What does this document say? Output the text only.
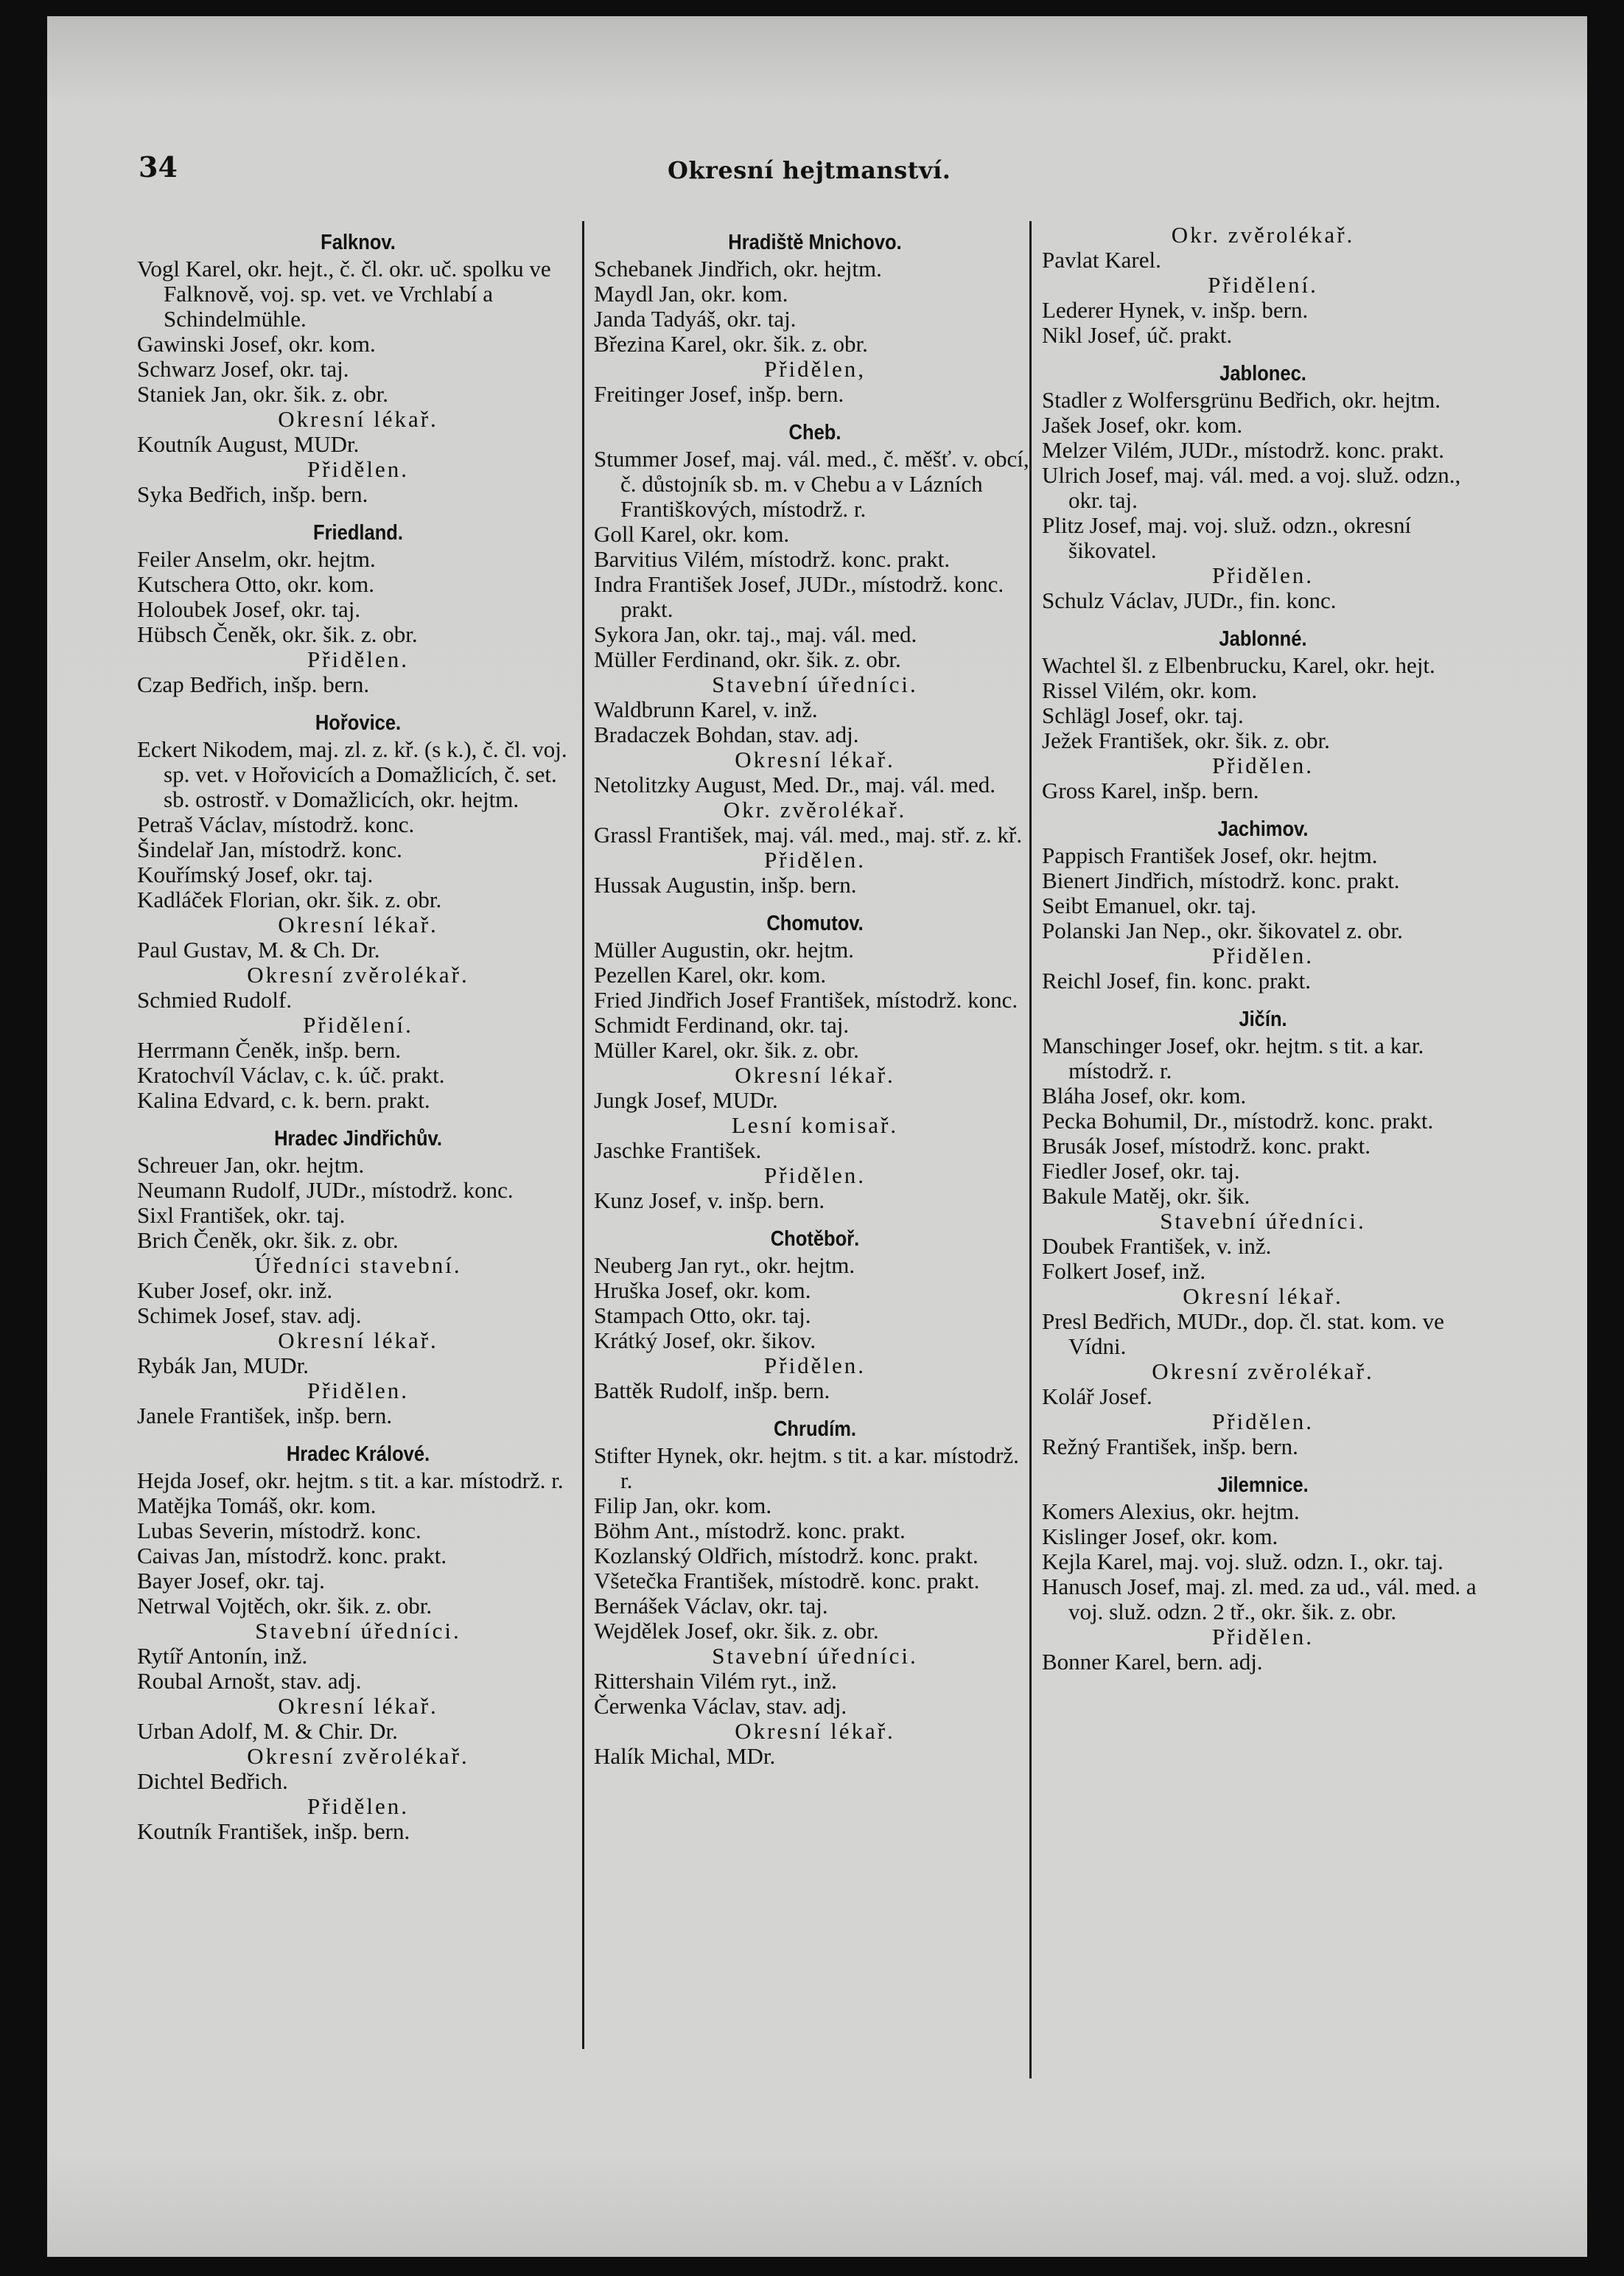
34	Okresní hejtmanství.
Falknov.
Vogl Karel, okr. hejt., č. čl. okr. uč. spolku ve Falknově, voj. sp. vet. ve Vrchlabí a Schindelmühle.
Gawinski Josef, okr. kom.
Schwarz Josef, okr. taj.
Staniek Jan, okr. šik. z. obr.
Okresní lékař.
Koutník August, MUDr.
Přidělen.
Syka Bedřich, inšp. bern.
Friedland.
Feiler Anselm, okr. hejtm.
Kutschera Otto, okr. kom.
Holoubek Josef, okr. taj.
Hübsch Čeněk, okr. šik. z. obr.
Přidělen.
Czap Bedřich, inšp. bern.
Hořovice.
Eckert Nikodem, maj. zl. z. kř. (s k.), č. čl. voj. sp. vet. v Hořovicích a Domažlicích, č. set. sb. ostrostř. v Domažlicích, okr. hejtm.
Petraš Václav, místodrž. konc.
Šindelař Jan, místodrž. konc.
Kouřímský Josef, okr. taj.
Kadláček Florian, okr. šik. z. obr.
Okresní lékař.
Paul Gustav, M. & Ch. Dr.
Okresní zvěrolékař.
Schmied Rudolf.
Přidělení.
Herrmann Čeněk, inšp. bern.
Kratochvíl Václav, c. k. úč. prakt.
Kalina Edvard, c. k. bern. prakt.
Hradec Jindřichův.
Schreuer Jan, okr. hejtm.
Neumann Rudolf, JUDr., místodrž. konc.
Sixl František, okr. taj.
Brich Čeněk, okr. šik. z. obr.
Úředníci stavební.
Kuber Josef, okr. inž.
Schimek Josef, stav. adj.
Okresní lékař.
Rybák Jan, MUDr.
Přidělen.
Janele František, inšp. bern.
Hradec Králové.
Hejda Josef, okr. hejtm. s tit. a kar. místodrž. r.
Matějka Tomáš, okr. kom.
Lubas Severin, místodrž. konc.
Caivas Jan, místodrž. konc. prakt.
Bayer Josef, okr. taj.
Netrwal Vojtěch, okr. šik. z. obr.
Stavební úředníci.
Rytíř Antonín, inž.
Roubal Arnošt, stav. adj.
Okresní lékař.
Urban Adolf, M. & Chir. Dr.
Okresní zvěrolékař.
Dichtel Bedřich.
Přidělen.
Koutník František, inšp. bern.
Hradiště Mnichovo.
Schebanek Jindřich, okr. hejtm.
Maydl Jan, okr. kom.
Janda Tadyáš, okr. taj.
Březina Karel, okr. šik. z. obr.
Přidělen,
Freitinger Josef, inšp. bern.
Cheb.
Stummer Josef, maj. vál. med., č. měšť. v. obcí, č. důstojník sb. m. v Chebu a v Lázních Františkových, místodrž. r.
Goll Karel, okr. kom.
Barvitius Vilém, místodrž. konc. prakt.
Indra František Josef, JUDr., místodrž. konc. prakt.
Sykora Jan, okr. taj., maj. vál. med.
Müller Ferdinand, okr. šik. z. obr.
Stavební úředníci.
Waldbrunn Karel, v. inž.
Bradaczek Bohdan, stav. adj.
Okresní lékař.
Netolitzky August, Med. Dr., maj. vál. med.
Okr. zvěrolékař.
Grassl František, maj. vál. med., maj. stř. z. kř.
Přidělen.
Hussak Augustin, inšp. bern.
Chomutov.
Müller Augustin, okr. hejtm.
Pezellen Karel, okr. kom.
Fried Jindřich Josef František, místodrž. konc.
Schmidt Ferdinand, okr. taj.
Müller Karel, okr. šik. z. obr.
Okresní lékař.
Jungk Josef, MUDr.
Lesní komisař.
Jaschke František.
Přidělen.
Kunz Josef, v. inšp. bern.
Chotěboř.
Neuberg Jan ryt., okr. hejtm.
Hruška Josef, okr. kom.
Stampach Otto, okr. taj.
Krátký Josef, okr. šikov.
Přidělen.
Battěk Rudolf, inšp. bern.
Chrudím.
Stifter Hynek, okr. hejtm. s tit. a kar. místodrž. r.
Filip Jan, okr. kom.
Böhm Ant., místodrž. konc. prakt.
Kozlanský Oldřich, místodrž. konc. prakt.
Všetečka František, místodrě. konc. prakt.
Bernášek Václav, okr. taj.
Wejdělek Josef, okr. šik. z. obr.
Stavební úředníci.
Rittershain Vilém ryt., inž.
Čerwenka Václav, stav. adj.
Okresní lékař.
Halík Michal, MDr.
Okr. zvěrolékař.
Pavlat Karel.
Přidělení.
Lederer Hynek, v. inšp. bern.
Nikl Josef, úč. prakt.
Jablonec.
Stadler z Wolfersgrünu Bedřich, okr. hejtm.
Jašek Josef, okr. kom.
Melzer Vilém, JUDr., místodrž. konc. prakt.
Ulrich Josef, maj. vál. med. a voj. služ. odzn., okr. taj.
Plitz Josef, maj. voj. služ. odzn., okresní šikovatel.
Přidělen.
Schulz Václav, JUDr., fin. konc.
Jablonné.
Wachtel šl. z Elbenbrucku, Karel, okr. hejt.
Rissel Vilém, okr. kom.
Schlägl Josef, okr. taj.
Ježek František, okr. šik. z. obr.
Přidělen.
Gross Karel, inšp. bern.
Jachimov.
Pappisch František Josef, okr. hejtm.
Bienert Jindřich, místodrž. konc. prakt.
Seibt Emanuel, okr. taj.
Polanski Jan Nep., okr. šikovatel z. obr.
Přidělen.
Reichl Josef, fin. konc. prakt.
Jičín.
Manschinger Josef, okr. hejtm. s tit. a kar. místodrž. r.
Bláha Josef, okr. kom.
Pecka Bohumil, Dr., místodrž. konc. prakt.
Brusák Josef, místodrž. konc. prakt.
Fiedler Josef, okr. taj.
Bakule Matěj, okr. šik.
Stavební úředníci.
Doubek František, v. inž.
Folkert Josef, inž.
Okresní lékař.
Presl Bedřich, MUDr., dop. čl. stat. kom. ve Vídni.
Okresní zvěrolékař.
Kolář Josef.
Přidělen.
Režný František, inšp. bern.
Jilemnice.
Komers Alexius, okr. hejtm.
Kislinger Josef, okr. kom.
Kejla Karel, maj. voj. služ. odzn. I., okr. taj.
Hanusch Josef, maj. zl. med. za ud., vál. med. a voj. služ. odzn. 2 tř., okr. šik. z. obr.
Přidělen.
Bonner Karel, bern. adj.
